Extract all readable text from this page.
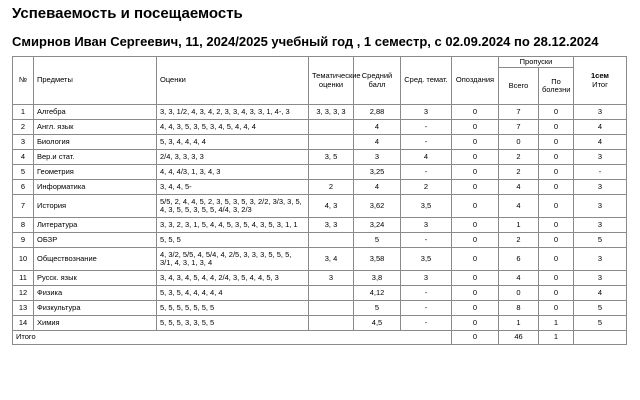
Успеваемость и посещаемость
Смирнов Иван Сергеевич, 11, 2024/2025 учебный год , 1 семестр, с 02.09.2024 по 28.12.2024
№	Предметы	Оценки	Тематические оценки	Средний балл	Сред. темат.	Опоздания	Пропуски		1сем
Итог

							Всего	По болезни	
1	Алгебра	3, 3, 1/2, 4, 3, 4, 2, 3, 3, 4, 3, 3, 1, 4-, 3	3, 3, 3, 3	2,88	3	0	7	0	3
2	Англ. язык	4, 4, 3, 5, 3, 5, 3, 4, 5, 4, 4, 4		4	-	0	7	0	4
3	Биология	5, 3, 4, 4, 4, 4		4	-	0	0	0	4
4	Вер.и стат.	2/4, 3, 3, 3, 3	3, 5	3	4	0	2	0	3
5	Геометрия	4, 4, 4/3, 1, 3, 4, 3		3,25	-	0	2	0	-
6	Информатика	3, 4, 4, 5-	2	4	2	0	4	0	3
7	История	5/5, 2, 4, 4, 5, 2, 3, 5, 3, 5, 3, 2/2, 3/3, 3, 5, 4, 3, 5, 5, 3, 5, 5, 4/4, 3, 2/3	4, 3	3,62	3,5	0	4	0	3
8	Литература	3, 3, 2, 3, 1, 5, 4, 4, 5, 3, 5, 4, 3, 5, 3, 1, 1	3, 3	3,24	3	0	1	0	3
9	ОБЗР	5, 5, 5		5	-	0	2	0	5
10	Обществознание	4, 3/2, 5/5, 4, 5/4, 4, 2/5, 3, 3, 3, 5, 5, 5, 3/1, 4, 3, 1, 3, 4	3, 4	3,58	3,5	0	6	0	3
11	Русск. язык	3, 4, 3, 4, 5, 4, 4, 2/4, 3, 5, 4, 4, 5, 3	3	3,8	3	0	4	0	3
12	Физика	5, 3, 5, 4, 4, 4, 4, 4		4,12	-	0	0	0	4
13	Физкультура	5, 5, 5, 5, 5, 5, 5		5	-	0	8	0	5
14	Химия	5, 5, 5, 3, 3, 5, 5		4,5	-	0	1	1	5
Итого						0	46	1	
